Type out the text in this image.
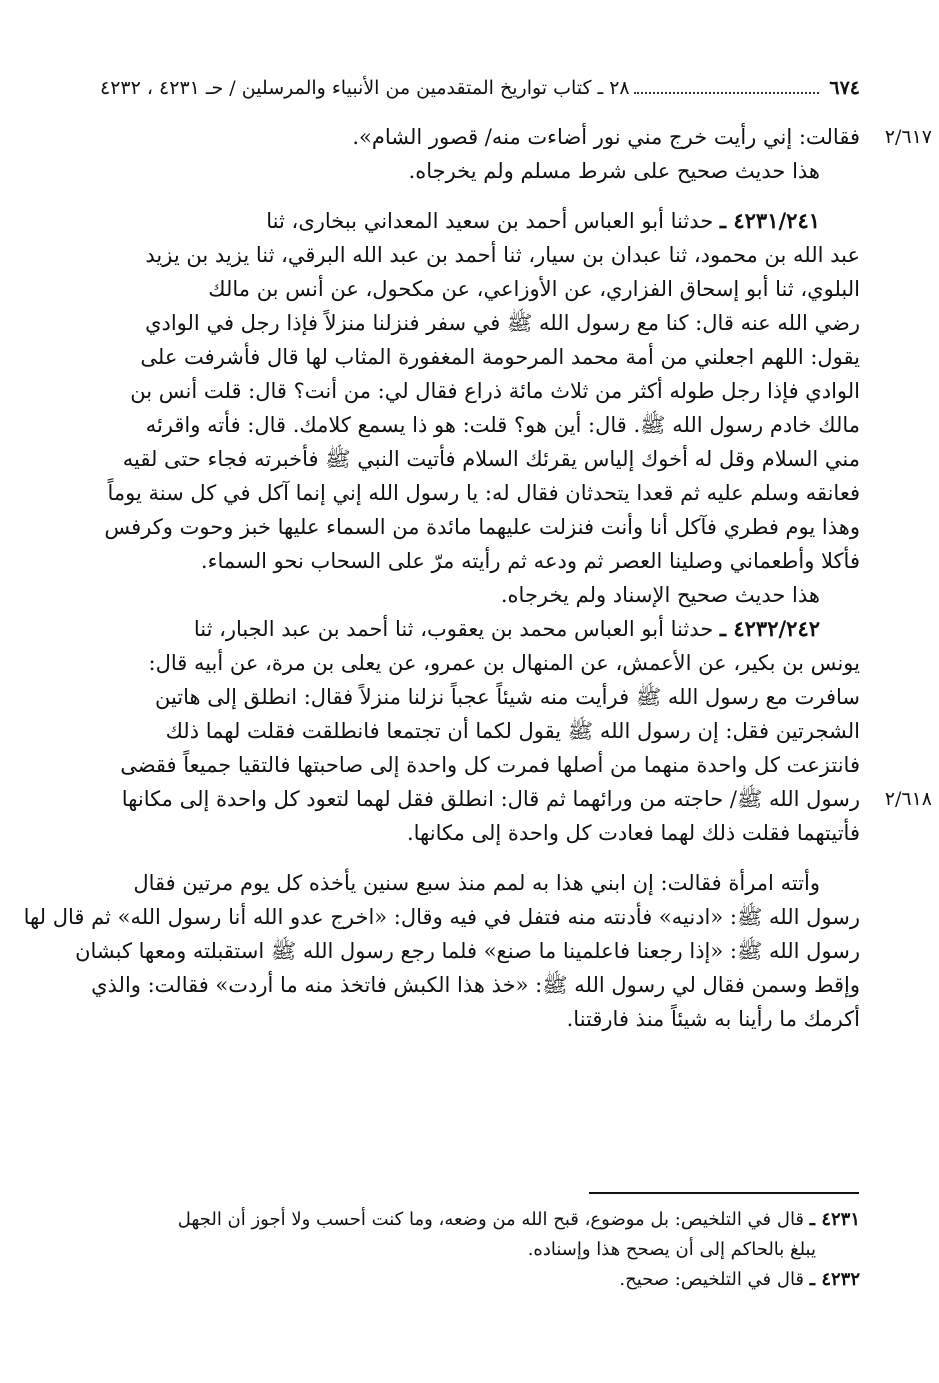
٦٧٤
٢٨ ـ كتاب تواريخ المتقدمين من الأنبياء والمرسلين / حـ ٤٢٣١ ، ٤٢٣٢
٢/٦١٧
فقالت: إني رأيت خرج مني نور أضاءت منه/ قصور الشام».
هذا حديث صحيح على شرط مسلم ولم يخرجاه.
٤٢٣١/٢٤١ ـ حدثنا أبو العباس أحمد بن سعيد المعداني ببخارى، ثنا
عبد الله بن محمود، ثنا عبدان بن سيار، ثنا أحمد بن عبد الله البرقي، ثنا يزيد بن يزيد
البلوي، ثنا أبو إسحاق الفزاري، عن الأوزاعي، عن مكحول، عن أنس بن مالك
رضي الله عنه قال: كنا مع رسول الله ﷺ في سفر فنزلنا منزلاً فإذا رجل في الوادي
يقول: اللهم اجعلني من أمة محمد المرحومة المغفورة المثاب لها قال فأشرفت على
الوادي فإذا رجل طوله أكثر من ثلاث مائة ذراع فقال لي: من أنت؟ قال: قلت أنس بن
مالك خادم رسول الله ﷺ. قال: أين هو؟ قلت: هو ذا يسمع كلامك. قال: فأته واقرئه
مني السلام وقل له أخوك إلياس يقرئك السلام فأتيت النبي ﷺ فأخبرته فجاء حتى لقيه
فعانقه وسلم عليه ثم قعدا يتحدثان فقال له: يا رسول الله إني إنما آكل في كل سنة يوماً
وهذا يوم فطري فآكل أنا وأنت فنزلت عليهما مائدة من السماء عليها خبز وحوت وكرفس
فأكلا وأطعماني وصلينا العصر ثم ودعه ثم رأيته مرّ على السحاب نحو السماء.
هذا حديث صحيح الإسناد ولم يخرجاه.
٤٢٣٢/٢٤٢ ـ حدثنا أبو العباس محمد بن يعقوب، ثنا أحمد بن عبد الجبار، ثنا
يونس بن بكير، عن الأعمش، عن المنهال بن عمرو، عن يعلى بن مرة، عن أبيه قال:
سافرت مع رسول الله ﷺ فرأيت منه شيئاً عجباً نزلنا منزلاً فقال: انطلق إلى هاتين
الشجرتين فقل: إن رسول الله ﷺ يقول لكما أن تجتمعا فانطلقت فقلت لهما ذلك
فانتزعت كل واحدة منهما من أصلها فمرت كل واحدة إلى صاحبتها فالتقيا جميعاً فقضى
٢/٦١٨
رسول الله ﷺ/ حاجته من ورائهما ثم قال: انطلق فقل لهما لتعود كل واحدة إلى مكانها
فأتيتهما فقلت ذلك لهما فعادت كل واحدة إلى مكانها.
وأتته امرأة فقالت: إن ابني هذا به لمم منذ سبع سنين يأخذه كل يوم مرتين فقال
رسول الله ﷺ: «ادنيه» فأدنته منه فتفل في فيه وقال: «اخرج عدو الله أنا رسول الله» ثم قال لها
رسول الله ﷺ: «إذا رجعنا فاعلمينا ما صنع» فلما رجع رسول الله ﷺ استقبلته ومعها كبشان
وإقط وسمن فقال لي رسول الله ﷺ: «خذ هذا الكبش فاتخذ منه ما أردت» فقالت: والذي
أكرمك ما رأينا به شيئاً منذ فارقتنا.
٤٢٣١ ـ قال في التلخيص: بل موضوع، قبح الله من وضعه، وما كنت أحسب ولا أجوز أن الجهل
يبلغ بالحاكم إلى أن يصحح هذا وإسناده.
٤٢٣٢ ـ قال في التلخيص: صحيح.
